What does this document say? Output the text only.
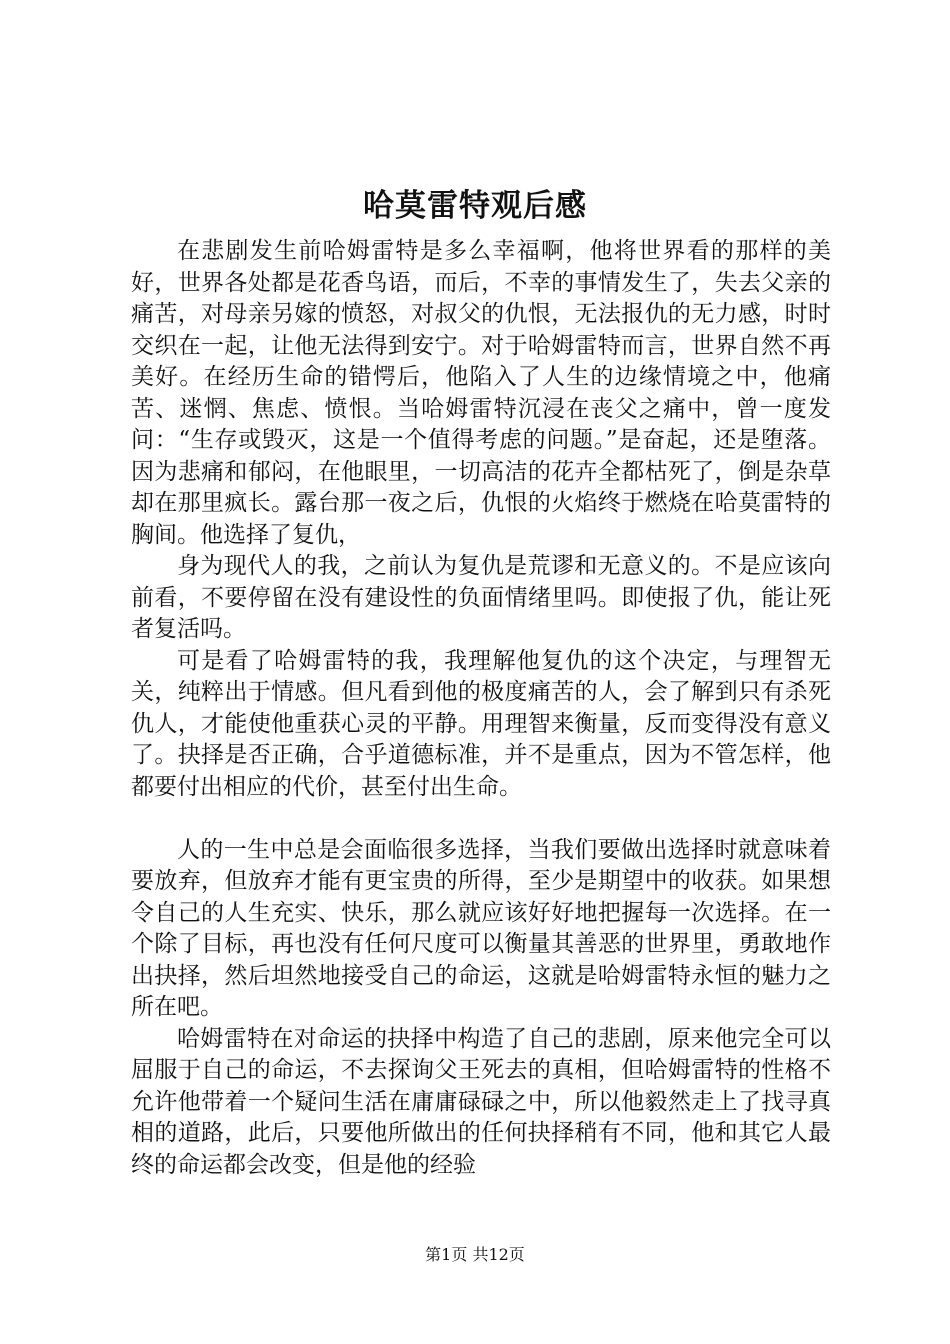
哈莫雷特观后感

在悲剧发生前哈姆雷特是多么幸福啊，他将世界看的那样的美好，世界各处都是花香鸟语，而后，不幸的事情发生了，失去父亲的痛苦，对母亲另嫁的愤怒，对叔父的仇恨，无法报仇的无力感，时时交织在一起，让他无法得到安宁。对于哈姆雷特而言，世界自然不再美好。在经历生命的错愕后，他陷入了人生的边缘情境之中，他痛苦、迷惘、焦虑、愤恨。当哈姆雷特沉浸在丧父之痛中，曾一度发问：“生存或毁灭，这是一个值得考虑的问题。”是奋起，还是堕落。因为悲痛和郁闷，在他眼里，一切高洁的花卉全都枯死了，倒是杂草却在那里疯长。露台那一夜之后，仇恨的火焰终于燃烧在哈莫雷特的胸间。他选择了复仇，

身为现代人的我，之前认为复仇是荒谬和无意义的。不是应该向前看，不要停留在没有建设性的负面情绪里吗。即使报了仇，能让死者复活吗。

可是看了哈姆雷特的我，我理解他复仇的这个决定，与理智无关，纯粹出于情感。但凡看到他的极度痛苦的人，会了解到只有杀死仇人，才能使他重获心灵的平静。用理智来衡量，反而变得没有意义了。抉择是否正确，合乎道德标准，并不是重点，因为不管怎样，他都要付出相应的代价，甚至付出生命。

人的一生中总是会面临很多选择，当我们要做出选择时就意味着要放弃，但放弃才能有更宝贵的所得，至少是期望中的收获。如果想令自己的人生充实、快乐，那么就应该好好地把握每一次选择。在一个除了目标，再也没有任何尺度可以衡量其善恶的世界里，勇敢地作出抉择，然后坦然地接受自己的命运，这就是哈姆雷特永恒的魅力之所在吧。

哈姆雷特在对命运的抉择中构造了自己的悲剧，原来他完全可以屈服于自己的命运，不去探询父王死去的真相，但哈姆雷特的性格不允许他带着一个疑问生活在庸庸碌碌之中，所以他毅然走上了找寻真相的道路，此后，只要他所做出的任何抉择稍有不同，他和其它人最终的命运都会改变，但是他的经验

第1页 共12页
